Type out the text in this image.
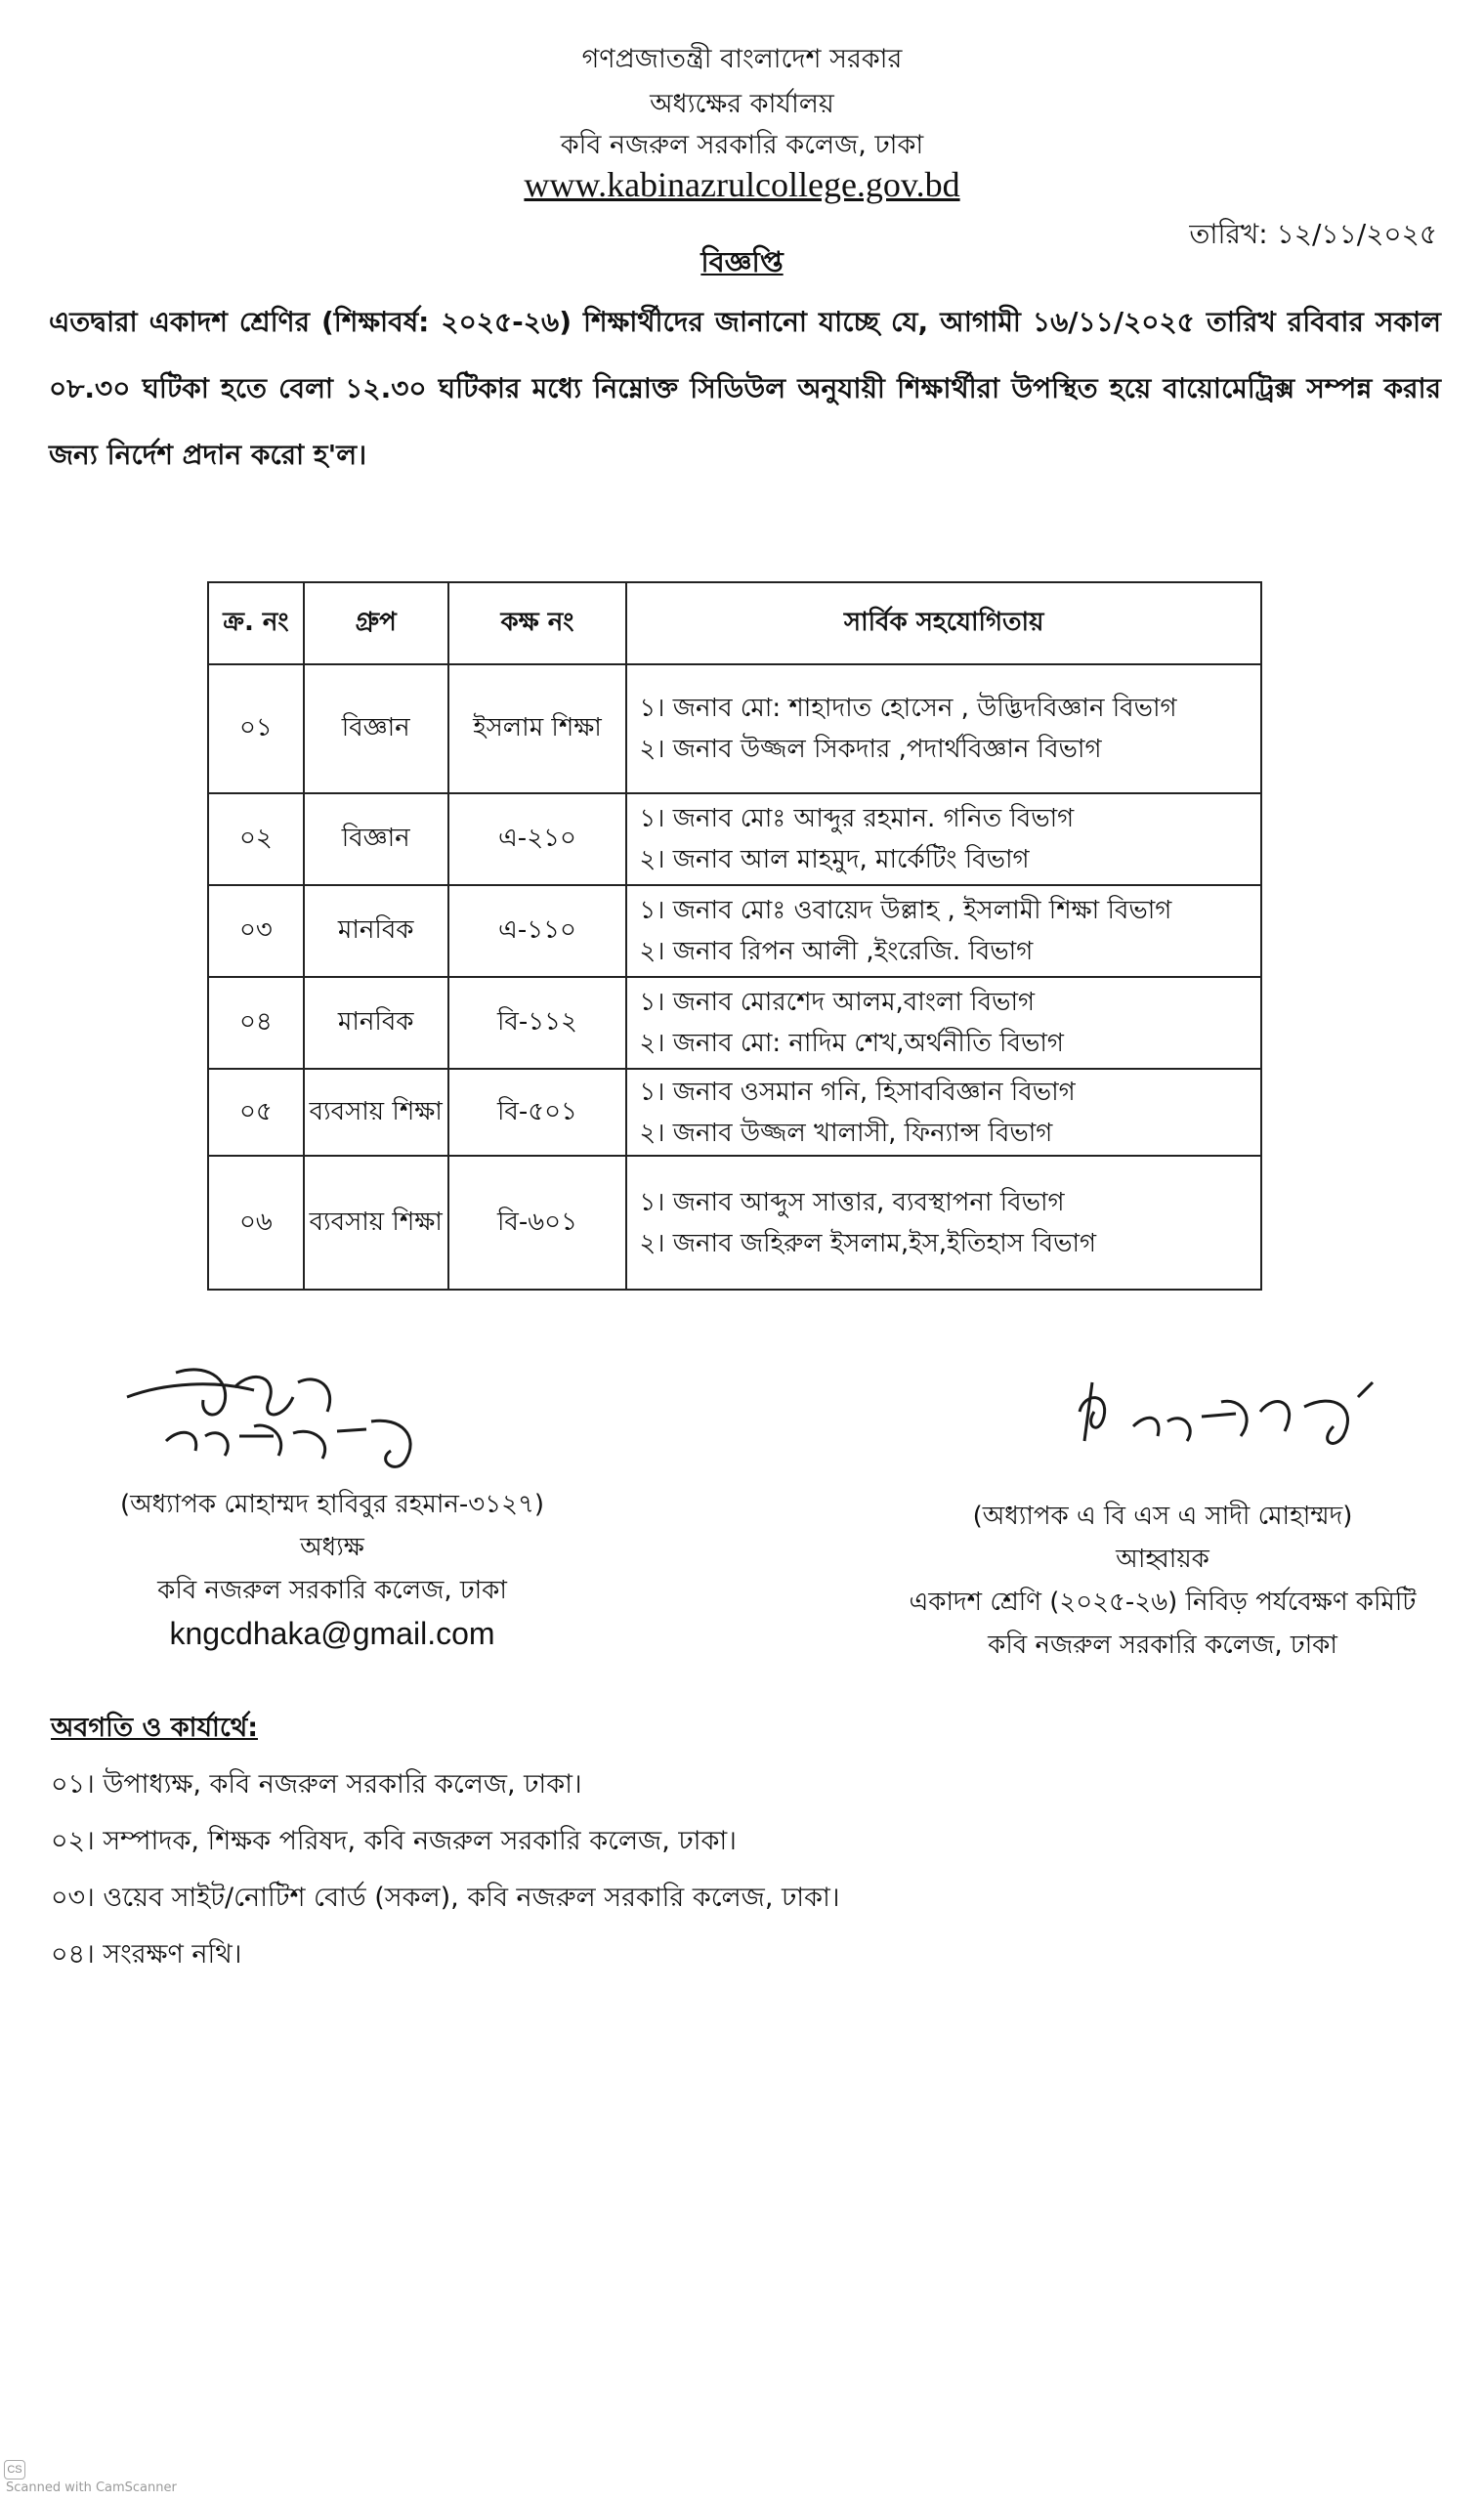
গণপ্রজাতন্ত্রী বাংলাদেশ সরকার
অধ্যক্ষের কার্যালয়
কবি নজরুল সরকারি কলেজ, ঢাকা
www.kabinazrulcollege.gov.bd
তারিখ: ১২/১১/২০২৫
বিজ্ঞপ্তি
এতদ্বারা একাদশ শ্রেণির (শিক্ষাবর্ষ: ২০২৫-২৬) শিক্ষার্থীদের জানানো যাচ্ছে যে, আগামী ১৬/১১/২০২৫ তারিখ রবিবার সকাল ০৮.৩০ ঘটিকা হতে বেলা ১২.৩০ ঘটিকার মধ্যে নিম্নোক্ত সিডিউল অনুযায়ী শিক্ষার্থীরা উপস্থিত হয়ে বায়োমেট্রিক্স সম্পন্ন করার জন্য নির্দেশ প্রদান করো হ'ল।
ক্র. নং	গ্রুপ	কক্ষ নং	সার্বিক সহযোগিতায়
০১	বিজ্ঞান	ইসলাম শিক্ষা	১। জনাব মো: শাহাদাত হোসেন , উদ্ভিদবিজ্ঞান বিভাগ
২। জনাব উজ্জল সিকদার ,পদার্থবিজ্ঞান বিভাগ

০২	বিজ্ঞান	এ-২১০	১। জনাব মোঃ আব্দুর রহমান. গনিত বিভাগ
২। জনাব আল মাহমুদ, মার্কেটিং বিভাগ

০৩	মানবিক	এ-১১০	১। জনাব মোঃ ওবায়েদ উল্লাহ , ইসলামী শিক্ষা বিভাগ
২। জনাব রিপন আলী ,ইংরেজি. বিভাগ

০৪	মানবিক	বি-১১২	১। জনাব মোরশেদ আলম,বাংলা বিভাগ
২। জনাব মো: নাদিম শেখ,অর্থনীতি বিভাগ

০৫	ব্যবসায় শিক্ষা	বি-৫০১	১। জনাব ওসমান গনি, হিসাববিজ্ঞান বিভাগ
২। জনাব উজ্জল খালাসী, ফিন্যান্স বিভাগ

০৬	ব্যবসায় শিক্ষা	বি-৬০১	১। জনাব আব্দুস সাত্তার, ব্যবস্থাপনা বিভাগ
২। জনাব জহিরুল ইসলাম,ইস,ইতিহাস বিভাগ
(অধ্যাপক মোহাম্মদ হাবিবুর রহমান-৩১২৭)
অধ্যক্ষ
কবি নজরুল সরকারি কলেজ, ঢাকা
kngcdhaka@gmail.com
(অধ্যাপক এ বি এস এ সাদী মোহাম্মদ)
আহ্বায়ক
একাদশ শ্রেণি (২০২৫-২৬) নিবিড় পর্যবেক্ষণ কমিটি
কবি নজরুল সরকারি কলেজ, ঢাকা
অবগতি ও কার্যার্থে:
০১। উপাধ্যক্ষ, কবি নজরুল সরকারি কলেজ, ঢাকা।
০২। সম্পাদক, শিক্ষক পরিষদ, কবি নজরুল সরকারি কলেজ, ঢাকা।
০৩। ওয়েব সাইট/নোটিশ বোর্ড (সকল), কবি নজরুল সরকারি কলেজ, ঢাকা।
০৪। সংরক্ষণ নথি।
CS
Scanned with CamScanner
